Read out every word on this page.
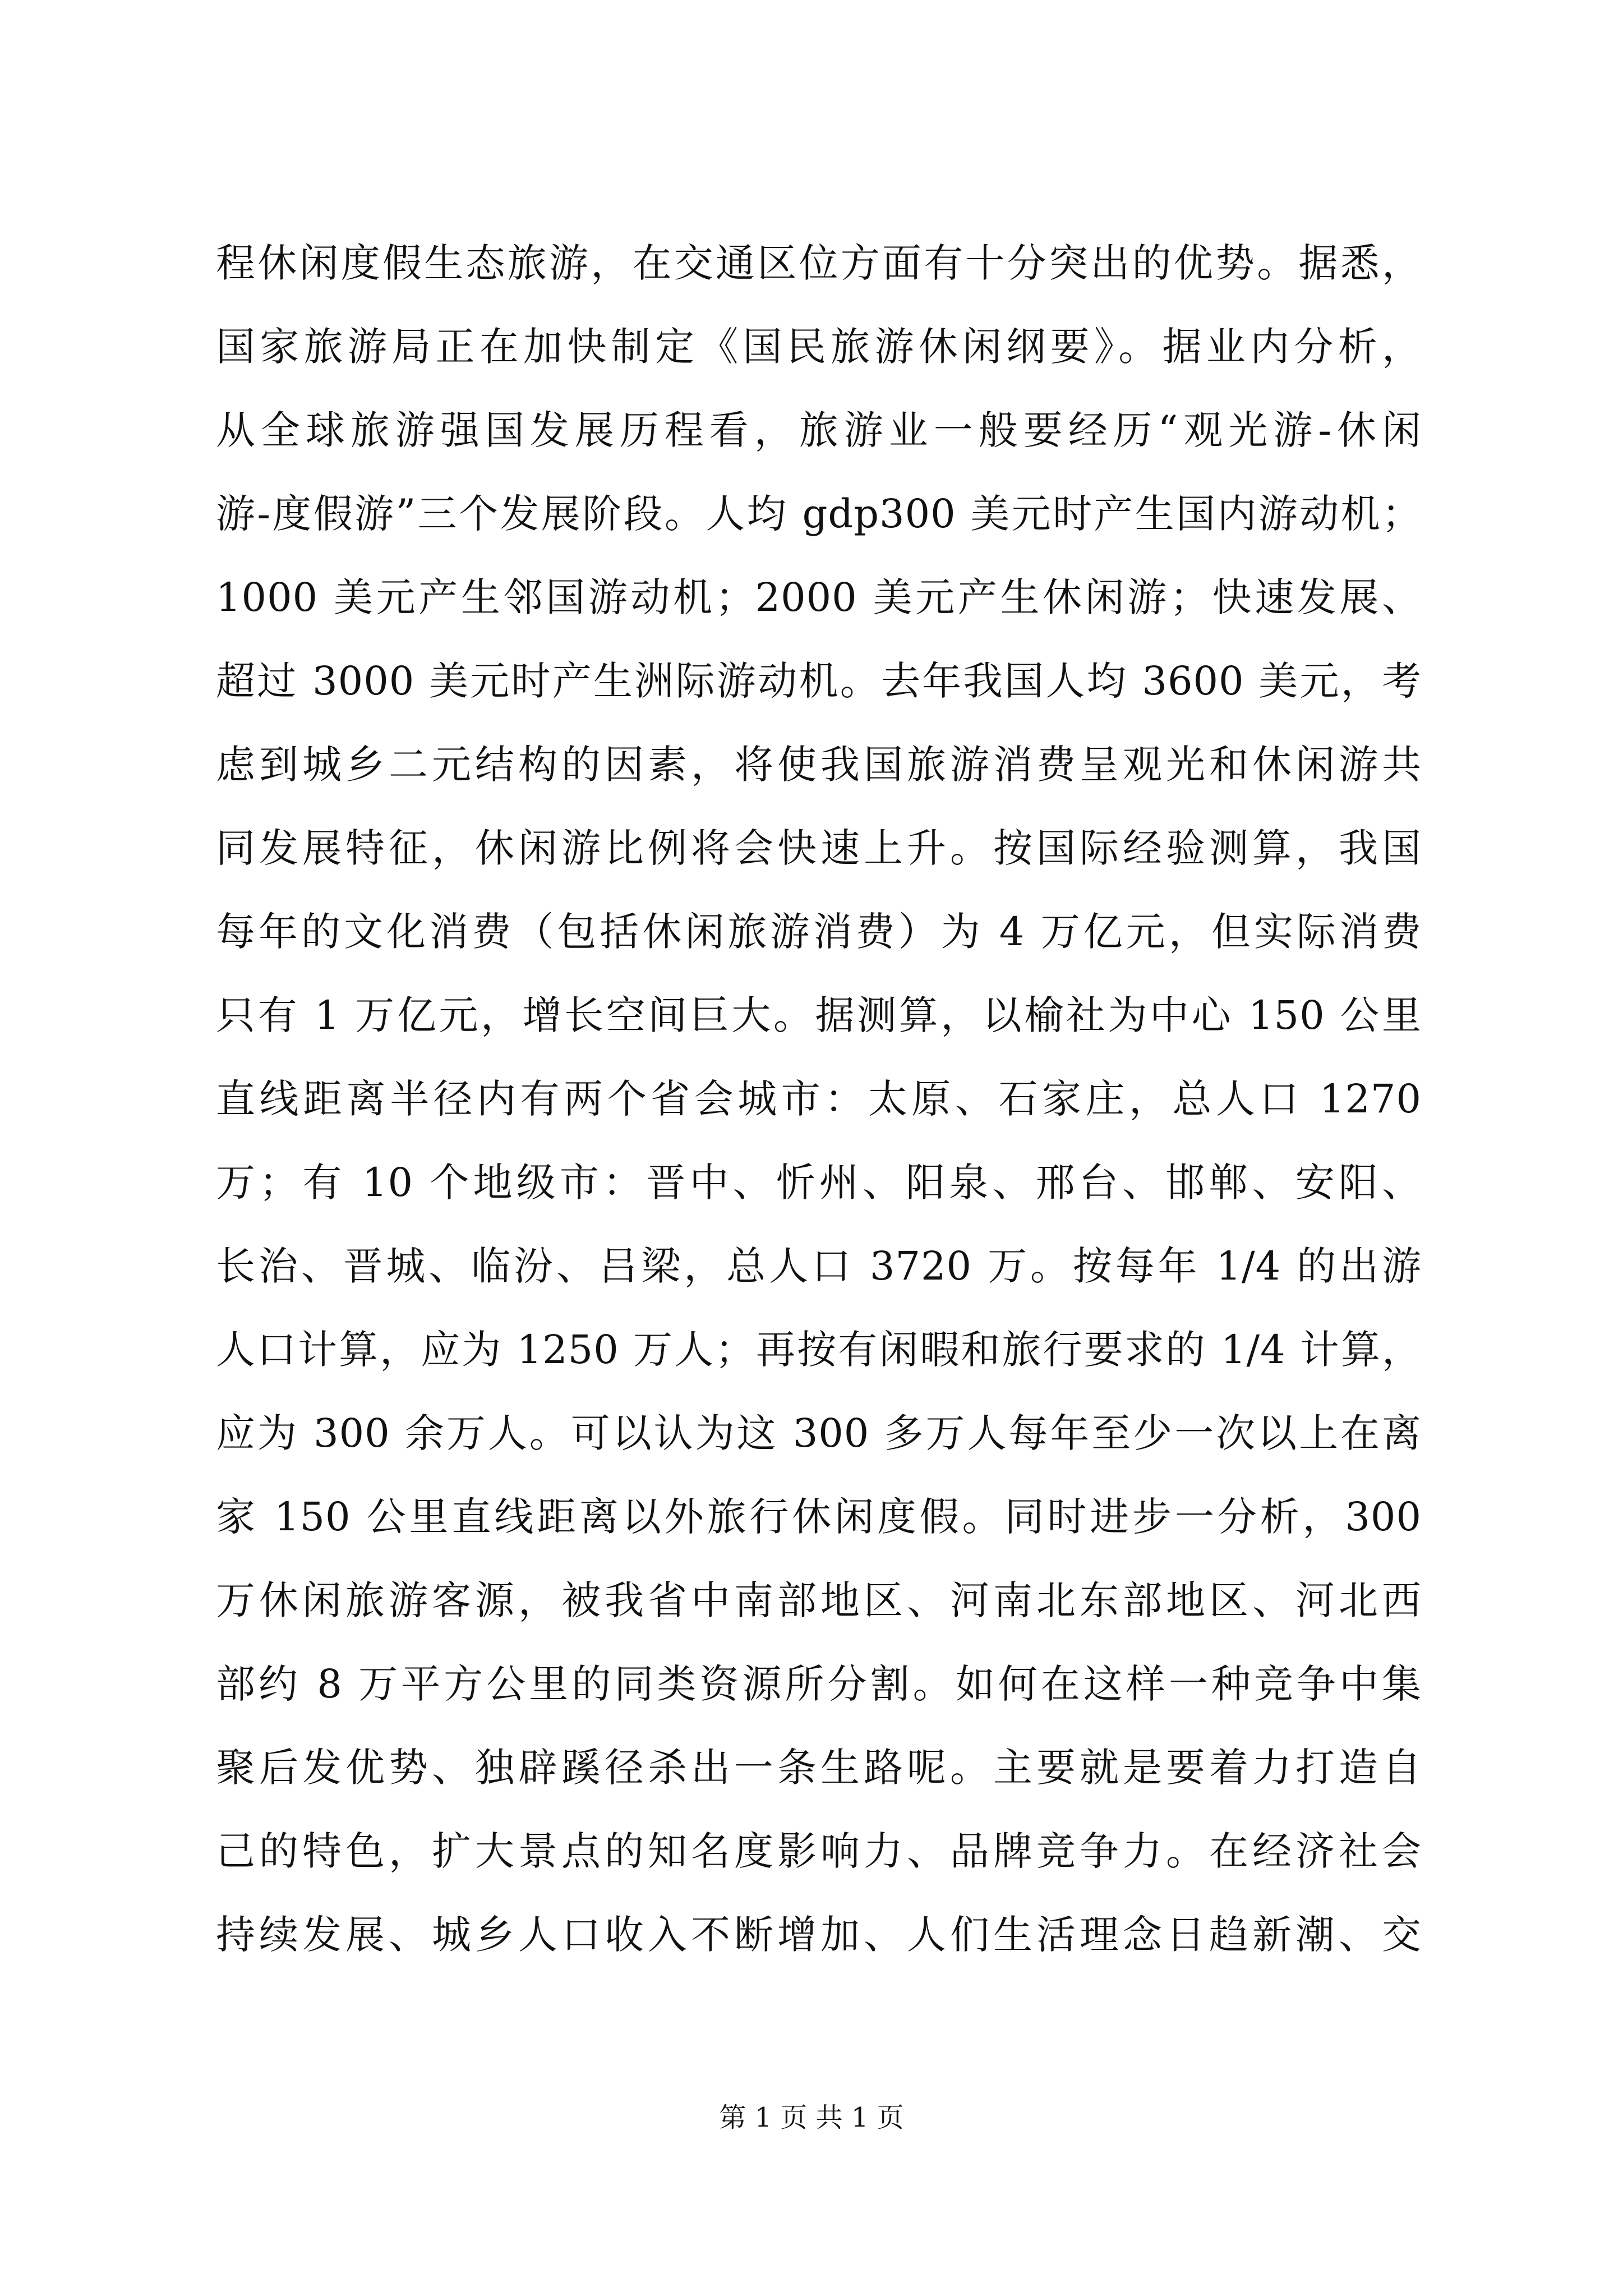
程休闲度假生态旅游，在交通区位方面有十分突出的优势。据悉，
国家旅游局正在加快制定《国民旅游休闲纲要》。据业内分析，
从全球旅游强国发展历程看，旅游业一般要经历“观光游-休闲
游-度假游”三个发展阶段。人均 gdp300 美元时产生国内游动机；
1000 美元产生邻国游动机；2000 美元产生休闲游；快速发展、
超过 3000 美元时产生洲际游动机。去年我国人均 3600 美元，考
虑到城乡二元结构的因素，将使我国旅游消费呈观光和休闲游共
同发展特征，休闲游比例将会快速上升。按国际经验测算，我国
每年的文化消费（包括休闲旅游消费）为 4 万亿元，但实际消费
只有 1 万亿元，增长空间巨大。据测算，以榆社为中心 150 公里
直线距离半径内有两个省会城市：太原、石家庄，总人口 1270
万；有 10 个地级市：晋中、忻州、阳泉、邢台、邯郸、安阳、
长治、晋城、临汾、吕梁，总人口 3720 万。按每年 1/4 的出游
人口计算，应为 1250 万人；再按有闲暇和旅行要求的 1/4 计算，
应为 300 余万人。可以认为这 300 多万人每年至少一次以上在离
家 150 公里直线距离以外旅行休闲度假。同时进步一分析，300
万休闲旅游客源，被我省中南部地区、河南北东部地区、河北西
部约 8 万平方公里的同类资源所分割。如何在这样一种竞争中集
聚后发优势、独辟蹊径杀出一条生路呢。主要就是要着力打造自
己的特色，扩大景点的知名度影响力、品牌竞争力。在经济社会
持续发展、城乡人口收入不断增加、人们生活理念日趋新潮、交
第 1 页 共 1 页
